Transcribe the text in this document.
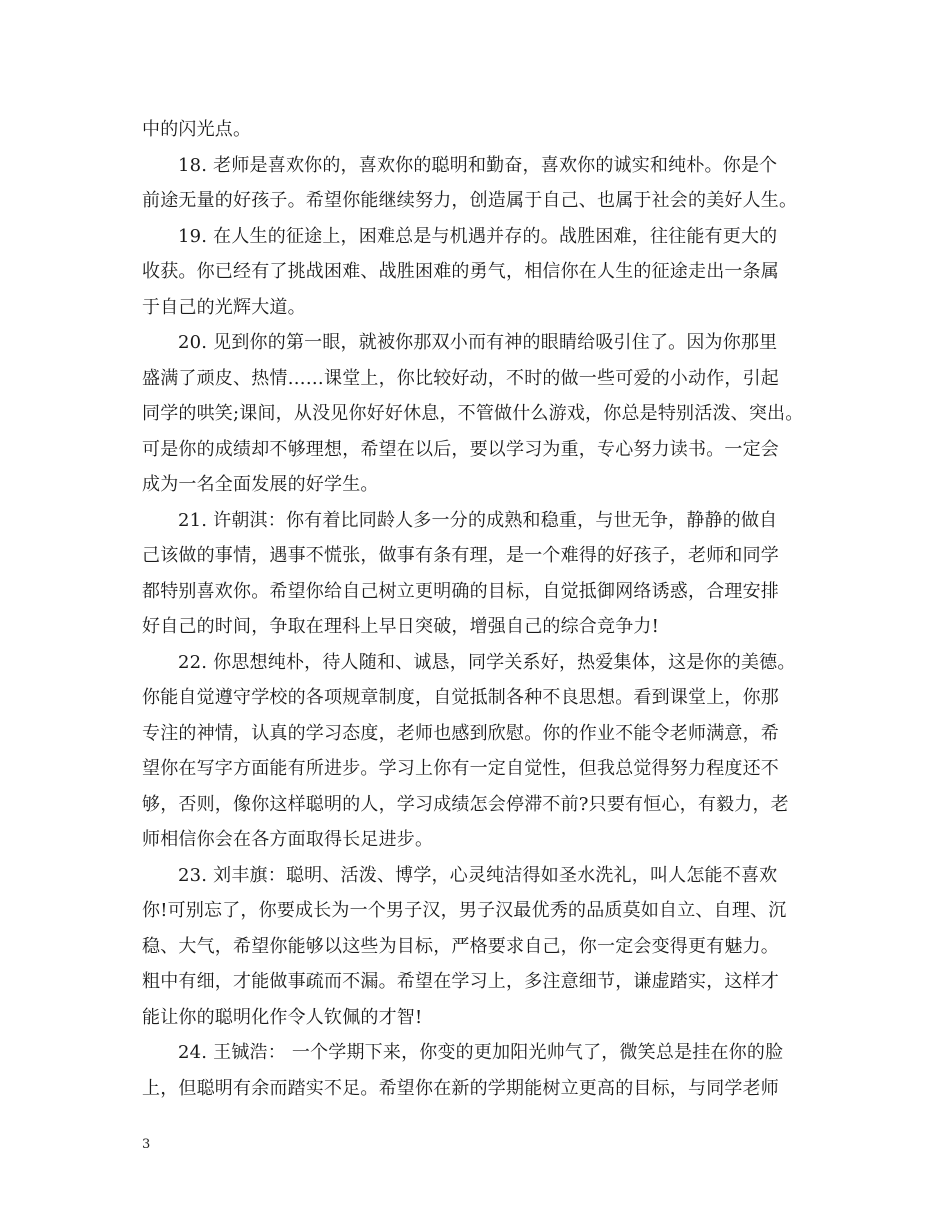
中的闪光点。
18. 老师是喜欢你的，喜欢你的聪明和勤奋，喜欢你的诚实和纯朴。你是个
前途无量的好孩子。希望你能继续努力，创造属于自己、也属于社会的美好人生。
19. 在人生的征途上，困难总是与机遇并存的。战胜困难，往往能有更大的
收获。你已经有了挑战困难、战胜困难的勇气，相信你在人生的征途走出一条属
于自己的光辉大道。
20. 见到你的第一眼，就被你那双小而有神的眼睛给吸引住了。因为你那里
盛满了顽皮、热情……课堂上，你比较好动，不时的做一些可爱的小动作，引起
同学的哄笑;课间，从没见你好好休息，不管做什么游戏，你总是特别活泼、突出。
可是你的成绩却不够理想，希望在以后，要以学习为重，专心努力读书。一定会
成为一名全面发展的好学生。
21. 许朝淇：你有着比同龄人多一分的成熟和稳重，与世无争，静静的做自
己该做的事情，遇事不慌张，做事有条有理，是一个难得的好孩子，老师和同学
都特别喜欢你。希望你给自己树立更明确的目标，自觉抵御网络诱惑，合理安排
好自己的时间，争取在理科上早日突破，增强自己的综合竞争力!
22. 你思想纯朴，待人随和、诚恳，同学关系好，热爱集体，这是你的美德。
你能自觉遵守学校的各项规章制度，自觉抵制各种不良思想。看到课堂上，你那
专注的神情，认真的学习态度，老师也感到欣慰。你的作业不能令老师满意，希
望你在写字方面能有所进步。学习上你有一定自觉性，但我总觉得努力程度还不
够，否则，像你这样聪明的人，学习成绩怎会停滞不前?只要有恒心，有毅力，老
师相信你会在各方面取得长足进步。
23. 刘丰旗：聪明、活泼、博学，心灵纯洁得如圣水洗礼，叫人怎能不喜欢
你!可别忘了，你要成长为一个男子汉，男子汉最优秀的品质莫如自立、自理、沉
稳、大气，希望你能够以这些为目标，严格要求自己，你一定会变得更有魅力。
粗中有细，才能做事疏而不漏。希望在学习上，多注意细节，谦虚踏实，这样才
能让你的聪明化作令人钦佩的才智!
24. 王铖浩： 一个学期下来，你变的更加阳光帅气了，微笑总是挂在你的脸
上，但聪明有余而踏实不足。希望你在新的学期能树立更高的目标，与同学老师
3
